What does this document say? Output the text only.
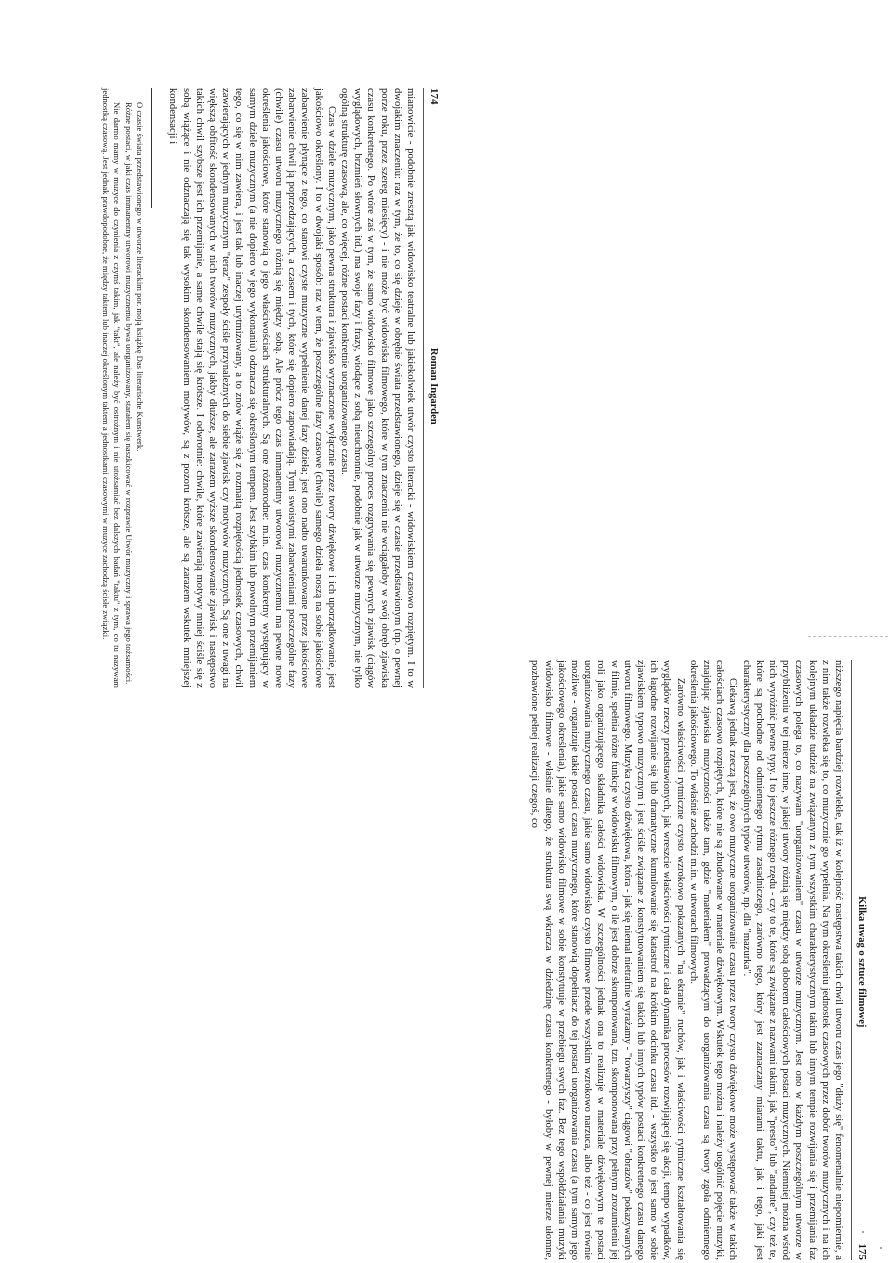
174
Roman Ingarden

mianowicie - podobnie zresztą jak widowisko teatralne lub jakiekolwiek utwór czysto literacki - widowiskiem czasowo rozpiętym. I to w dwojakim znaczeniu: raz w tym, że to, co się dzieje w obrębie świata przedstawionego, dzieje się w czasie przedstawionym (np. o pewnej porze roku, przez szereg miesięcy) - i nie może być widowiska filmowego, które w tym znaczeniu nie wciągałoby w swój obręb zjawiska czasu konkretnego. Po wtóre zaś w tym, że samo widowisko filmowe jako szczególny proces rozgrywania się pewnych zjawisk (ciągów wyglądowych, brzmień słownych itd.) ma swoje fazy i frazy, wiodące z sobą nieuchronnie, podobnie jak w utworze muzycznym, nie tylko ogólną strukturę czasową, ale, co więcej, różne postaci konkretnie uorganizowanego czasu.

Czas w dziele muzycznym, jako pewna struktura i zjawisko wyznaczone wyłącznie przez twory dźwiękowe i ich uporządkowanie, jest jakościowo określony. I to w dwojaki sposób: raz w tem, że poszczególne fazy czasowe (chwile) samego dzieła noszą na sobie jakościowe zabarwienie płynące z tego, co stanowi czyste muzyczne wypełnienie danej fazy dzieła; jest ono nadto uwarunkowane przez jakościowe zabarwienie chwil ją poprzedzających, a czasem i tych, które się dopiero zapowiadają. Tymi swoistymi zabarwieniami poszczególne fazy (chwile) czasu utworu muzycznego różnią się między sobą. Ale prócz tego czas immanentny utworowi muzycznemu ma pewne nowe określenia jakościowe, które stanowią o jego właściwościach strukturalnych. Są one różnorodne: m.in. czas konkretny występujący w samym dziele muzycznym (a nie dopiero w jego wykonaniu) odznacza się określonym tempem. Jest szybkim lub powolnym przemijaniem tego, co się w nim zawiera, i jest tak lub inaczej urytmizowany, a to znów wiąże się z rozmaitą rozpiętością jednostek czasowych, chwil zawierających w jednym muzycznym "teraz" zespoły ściśle przynależnych do siebie zjawisk czy motywów muzycznych. Są one z uwagi na większą obfitość skondensowanych w nich tworów muzycznych, jakby dłuższe, ale zarazem wyższe skondensowanie zjawisk i następstwo takich chwil szybsze jest ich przemijanie, a same chwile stają się krótsze. I odwrotnie: chwile, które zawierają motywy mniej ściśle się z sobą wiążące i nie odznaczają się tak wysokim skondensowaniem motywów, są z pozoru krótsze, ale są zarazem wskutek mniejszej kondensacji i

O czasie świata przedstawionego w utworze literackim por. moją książkę Das literarische Kunstwerk.

Różne postaci, w jaki czas immanentny utworowi muzycznemu bywa uorganizowany, starałem się naszkicować w rozprawie Utwór muzyczny i sprawa jego tożsamości.

Nie darmo mamy w muzyce do czynienia z czymś takim, jak "takt", ale należy być ostrożnym i nie utożsamiać bez dalszych badań "taktu" z tym, co tu nazywam jednostką czasową. Jest jednak prawdopodobne, że między taktem lub inaczej określonym taktem a jednostkami czasowymi w muzyce zachodzą ścisłe związki.

Kilka uwag o sztuce filmowej
175

niższego napięcia bardziej rozwlekłe, tak iż w kolejność następstwa takich chwil utworu czas jego "dłuży się" fenomenalnie niepomiernie, a z nim także rozwleka się to, co muzycznie go wypełnia. Na tym określeniu jednostek czasowych przez dobór tworów muzycznych i na ich kolejnym układzie tudzież na związanym z tym wszystkim charakterystycznym takim lub innym tempie rozwijania się i przemijania faz czasowych polega to, co nazywam "uorganizowaniem" czasu w utworze muzycznym. Jest ono w każdym poszczególnym utworze w przybliżeniu w tej mierze inne, w jakiej utwory różnią się między sobą doborem całościowych postaci muzycznych. Niemniej można wśród nich wyróżnić pewne typy. I to jeszcze różnego rzędu - czy to te, które są związane z nazwami takimi, jak "presto" lub "andante", czy też te, które są pochodne od odmiennego rytmu zasadniczego, zarówno tego, który jest zaznaczany miarami taktu, jak i tego, jaki jest charakterystyczny dla poszczególnych typów utworów, np. dla "mazurka".

Ciekawą jednak rzeczą jest, że owo muzyczne uorganizowanie czasu przez twory czysto dźwiękowe może występować także w takich całościach czasowo rozpiętych, które nie są zbudowane w materiale dźwiękowym. Wskutek tego można i należy uogólnić pojęcie muzyki, znajdując zjawiska muzyczności także tam, gdzie "materiałem" prowadzącym do uorganizowania czasu są twory zgoła odmiennego określenia jakościowego. To właśnie zachodzi m.in. w utworach filmowych.

Zarówno właściwości rytmiczne czysto wzrokowo pokazanych "na ekranie" ruchów, jak i właściwości rytmiczne kształtowania się wyglądów rzeczy przedstawionych, jak wreszcie właściwości rytmiczne i cała dynamika procesów rozwijającej się akcji, tempo wypadków, ich łagodne rozwijanie się lub dramatyczne kumulowanie się katastrof na krótkim odcinku czasu itd. - wszystko to jest samo w sobie zjawiskiem typowo muzycznym i jest ściśle związane z konstytuowaniem się takich lub innych typów postaci konkretnego czasu danego utworu filmowego. Muzyka czysto dźwiękowa, która - jak się niemal nietrafnie wyrażamy - "towarzyszy" ciągowi "obrazów" pokazywanych w filmie, spełnia różne funkcje w widowisku filmowym, o ile jest dobrze skomponowana, tzn. skomponowana przy pełnym zrozumieniu jej roli jako organizującego składnika całości widowiska. W szczególności jednak ona to realizuje w materiale dźwiękowym te postaci uorganizowania muzycznego czasu, jakie samo widowisko czysto filmowe przede wszystkim wzrokowo narzuca, albo też - co jest równie możliwe - organizuje takie postaci czasu muzycznego, które stanowią dopełniacz do tej postaci uorganizowania czasu (a tym samym jego jakościowego określenia), jakie samo widowisko filmowe w sobie konstytuuje w przebiegu swych faz. Bez tego współdziałania muzyki widowisko filmowe - właśnie dlatego, że struktura swą wkracza w dziedzinę czasu konkretnego - byłoby w pewnej mierze ułomne, pozbawione pełnej realizacji czegoś, co
